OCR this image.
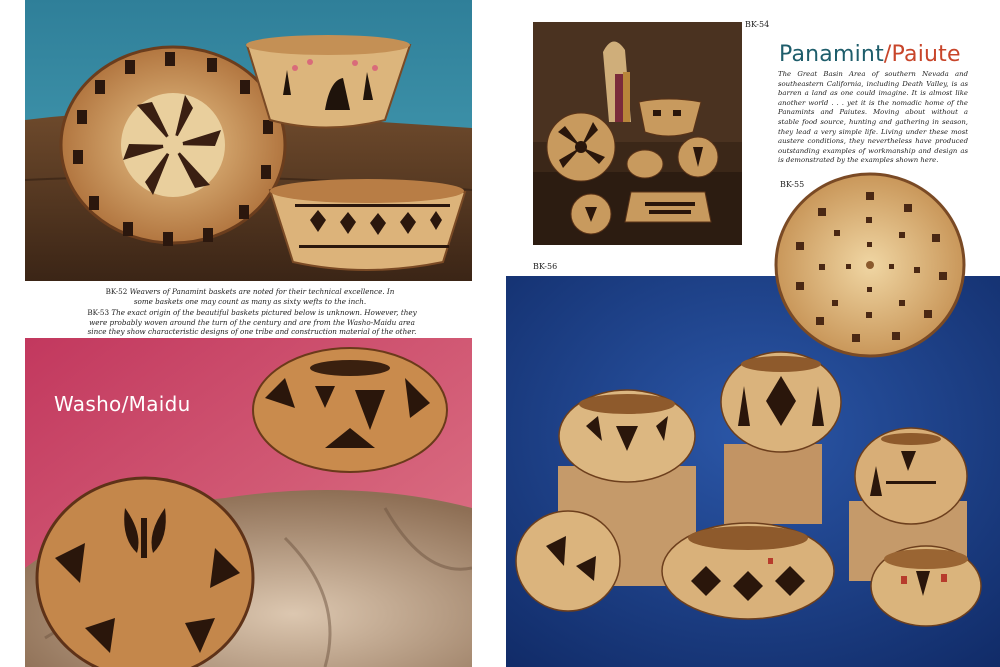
BK-52 Weavers of Panamint baskets are noted for their technical excellence. In some baskets one may count as many as sixty wefts to the inch.
BK-53 The exact origin of the beautiful baskets pictured below is unknown. However, they were probably woven around the turn of the century and are from the Washo-Maidu area since they show characteristic designs of one tribe and construction material of the other.
Washo/Maidu
BK-54
Panamint/Paiute
The Great Basin Area of southern Nevada and southeastern California, including Death Valley, is as barren a land as one could imagine. It is almost like another world . . . yet it is the nomadic home of the Panamints and Paiutes. Moving about without a stable food source, hunting and gathering in season, they lead a very simple life. Living under these most austere conditions, they nevertheless have produced outstanding examples of workmanship and design as is demonstrated by the examples shown here.
BK-55
BK-56
